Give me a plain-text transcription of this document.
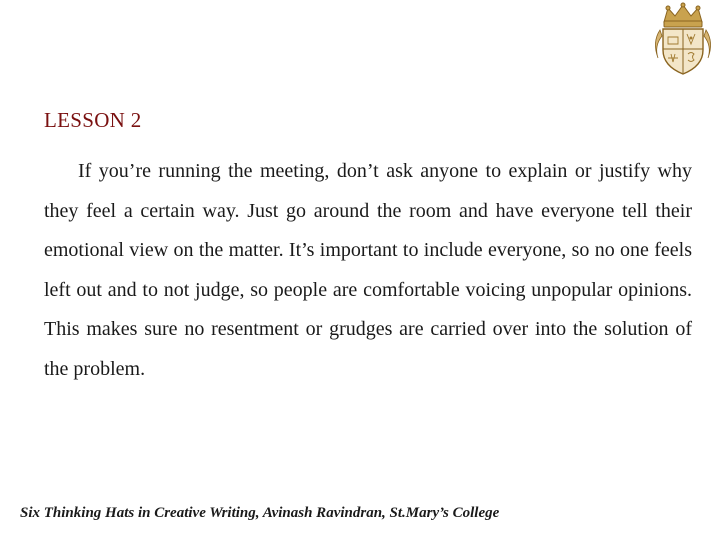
LESSON 2

If you’re running the meeting, don’t ask anyone to explain or justify why they feel a certain way. Just go around the room and have everyone tell their emotional view on the matter. It’s important to include everyone, so no one feels left out and to not judge, so people are comfortable voicing unpopular opinions. This makes sure no resentment or grudges are carried over into the solution of the problem.

Six Thinking Hats in Creative Writing, Avinash Ravindran, St.Mary’s College
